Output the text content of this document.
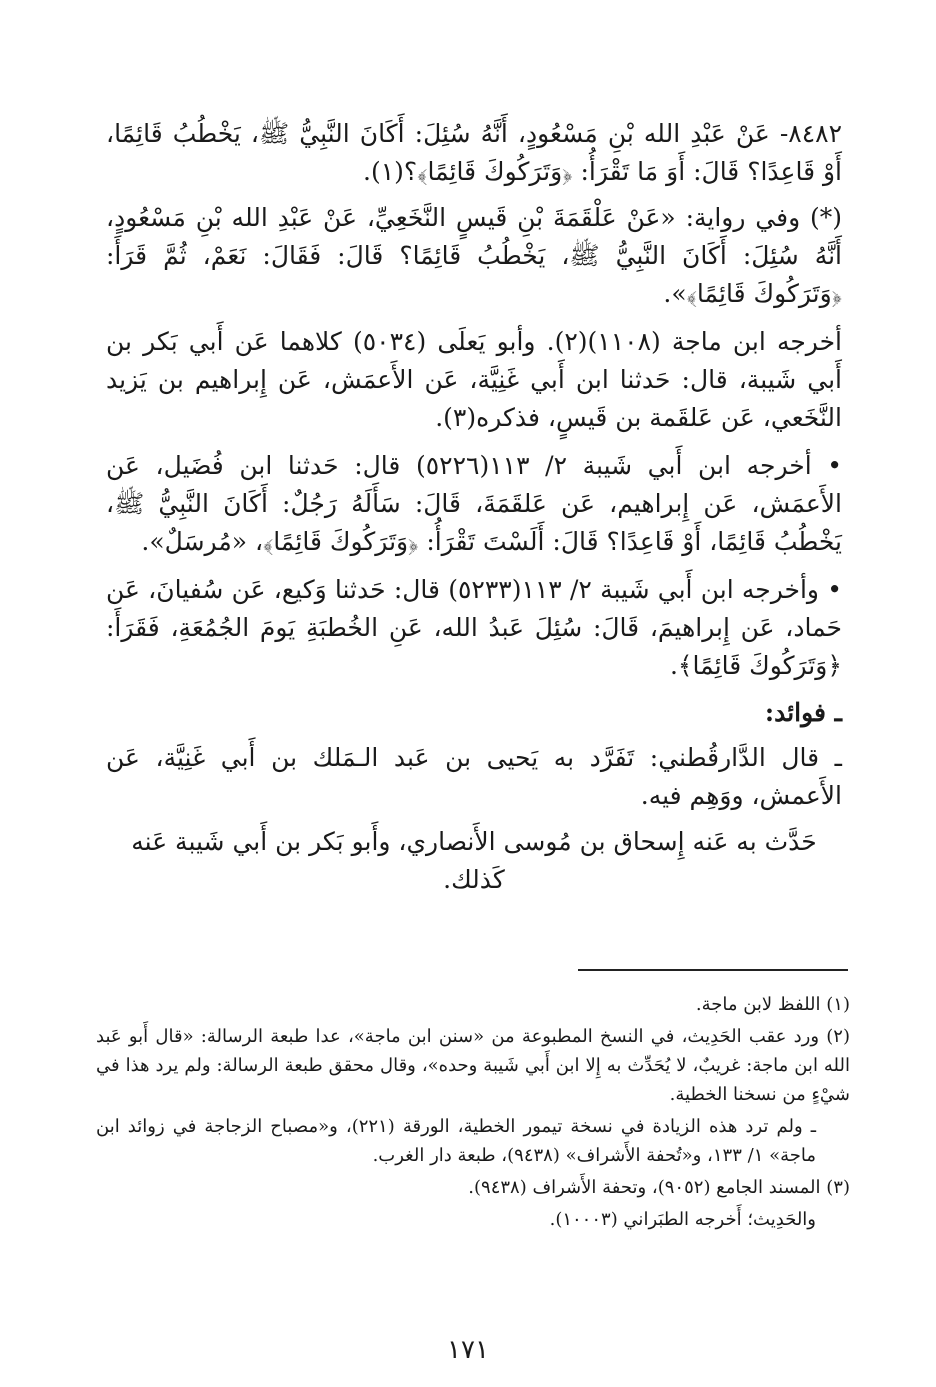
٨٤٨٢- عَنْ عَبْدِ الله بْنِ مَسْعُودٍ، أَنَّهُ سُئِلَ: أَكَانَ النَّبِيُّ ﷺ، يَخْطُبُ قَائِمًا، أَوْ قَاعِدًا؟ قَالَ: أَوَ مَا تَقْرَأُ: ﴿وَتَرَكُوكَ قَائِمًا﴾؟(١).

(*) وفي رواية: «عَنْ عَلْقَمَةَ بْنِ قَيسٍ النَّخَعِيِّ، عَنْ عَبْدِ الله بْنِ مَسْعُودٍ، أَنَّهُ سُئِلَ: أَكَانَ النَّبِيُّ ﷺ، يَخْطُبُ قَائِمًا؟ قَالَ: فَقَالَ: نَعَمْ، ثُمَّ قَرَأَ: ﴿وَتَرَكُوكَ قَائِمًا﴾».

أخرجه ابن ماجة (١١٠٨)(٢). وأبو يَعلَى (٥٠٣٤) كلاهما عَن أَبي بَكر بن أَبي شَيبة، قال: حَدثنا ابن أَبي غَنِيَّة، عَن الأَعمَش، عَن إِبراهيم بن يَزيد النَّخَعي، عَن عَلقَمة بن قَيسٍ، فذكره(٣).

• أخرجه ابن أَبي شَيبة ٢/ ١١٣(٥٢٢٦) قال: حَدثنا ابن فُضَيل، عَن الأَعمَش، عَن إِبراهيم، عَن عَلقَمَةَ، قَالَ: سَأَلَهُ رَجُلٌ: أَكَانَ النَّبِيُّ ﷺ، يَخْطُبُ قَائِمًا، أَوْ قَاعِدًا؟ قَالَ: أَلَسْتَ تَقْرَأُ: ﴿وَتَرَكُوكَ قَائِمًا﴾، «مُرسَلٌ».

• وأخرجه ابن أَبي شَيبة ٢/ ١١٣(٥٢٣٣) قال: حَدثنا وَكيع، عَن سُفيانَ، عَن حَماد، عَن إِبراهيمَ، قَالَ: سُئِلَ عَبدُ الله، عَنِ الخُطبَةِ يَومَ الجُمُعَةِ، فَقَرَأَ: ﴿وَتَرَكُوكَ قَائِمًا﴾.

ـ فوائد:

ـ قال الدَّارقُطني: تَفَرَّد به يَحيى بن عَبد الـمَلك بن أَبي غَنِيَّة، عَن الأَعمش، ووَهِم فيه.

حَدَّث به عَنه إِسحاق بن مُوسى الأَنصاري، وأَبو بَكر بن أَبي شَيبة عَنه كَذلك.

(١) اللفظ لابن ماجة.

(٢) ورد عقب الحَدِيث، في النسخ المطبوعة من «سنن ابن ماجة»، عدا طبعة الرسالة: «قال أَبو عَبد الله ابن ماجة: غريبٌ، لا يُحَدِّث به إِلا ابن أَبي شَيبة وحده»، وقال محقق طبعة الرسالة: ولم يرد هذا في شيْءٍ من نسخنا الخطية.

ـ ولم ترد هذه الزيادة في نسخة تيمور الخطية، الورقة (٢٢١)، و«مصباح الزجاجة في زوائد ابن ماجة» ١/ ١٣٣، و«تُحفة الأَشراف» (٩٤٣٨)، طبعة دار الغرب.

(٣) المسند الجامع (٩٠٥٢)، وتحفة الأَشراف (٩٤٣٨).

والحَدِيث؛ أَخرجه الطبَراني (١٠٠٠٣).

١٧١
